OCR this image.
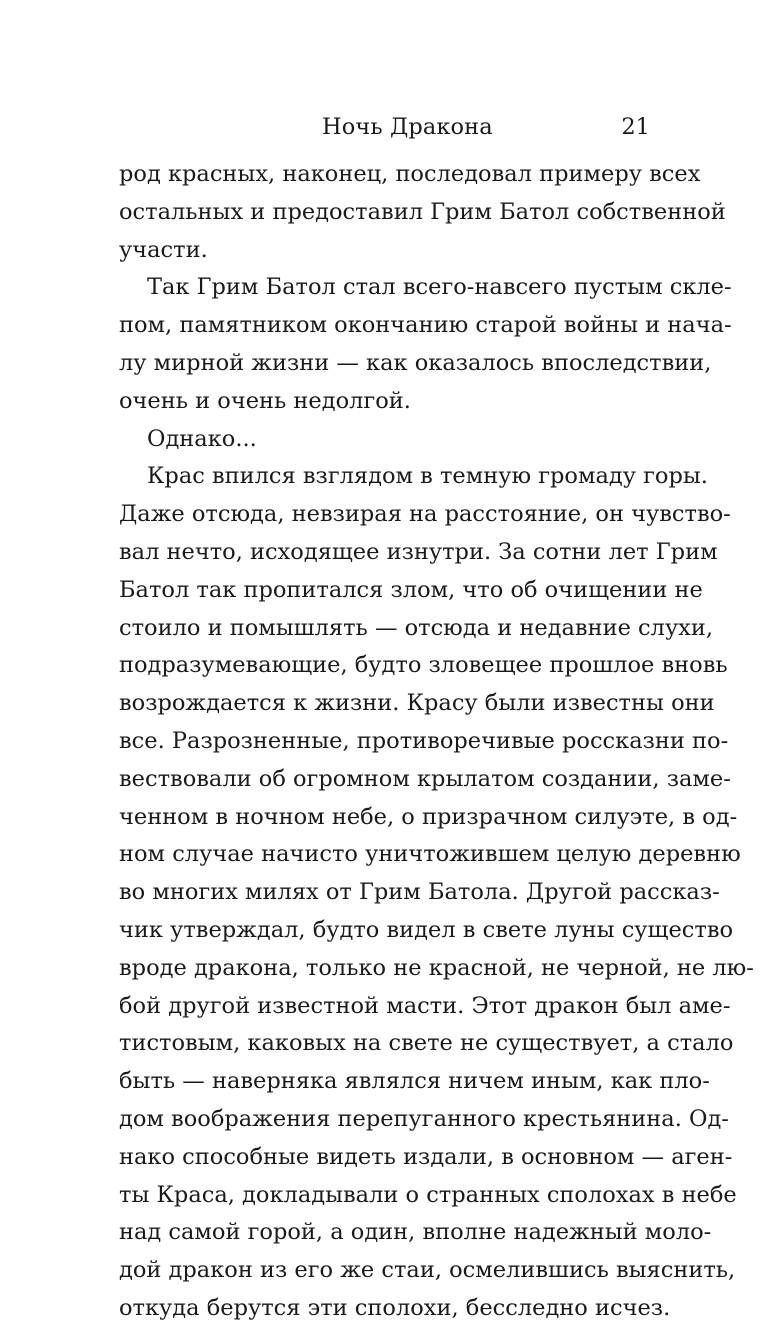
Ночь Дракона	21
род красных, наконец, последовал примеру всех
остальных и предоставил Грим Батол собственной
участи.
Так Грим Батол стал всего-навсего пустым скле-
пом, памятником окончанию старой войны и нача-
лу мирной жизни — как оказалось впоследствии,
очень и очень недолгой.
Однако...
Крас впился взглядом в темную громаду горы.
Даже отсюда, невзирая на расстояние, он чувство-
вал нечто, исходящее изнутри. За сотни лет Грим
Батол так пропитался злом, что об очищении не
стоило и помышлять — отсюда и недавние слухи,
подразумевающие, будто зловещее прошлое вновь
возрождается к жизни. Красу были известны они
все. Разрозненные, противоречивые россказни по-
вествовали об огромном крылатом создании, заме-
ченном в ночном небе, о призрачном силуэте, в од-
ном случае начисто уничтожившем целую деревню
во многих милях от Грим Батола. Другой рассказ-
чик утверждал, будто видел в свете луны существо
вроде дракона, только не красной, не черной, не лю-
бой другой известной масти. Этот дракон был аме-
тистовым, каковых на свете не существует, а стало
быть — наверняка являлся ничем иным, как пло-
дом воображения перепуганного крестьянина. Од-
нако способные видеть издали, в основном — аген-
ты Краса, докладывали о странных сполохах в небе
над самой горой, а один, вполне надежный моло-
дой дракон из его же стаи, осмелившись выяснить,
откуда берутся эти сполохи, бесследно исчез.
